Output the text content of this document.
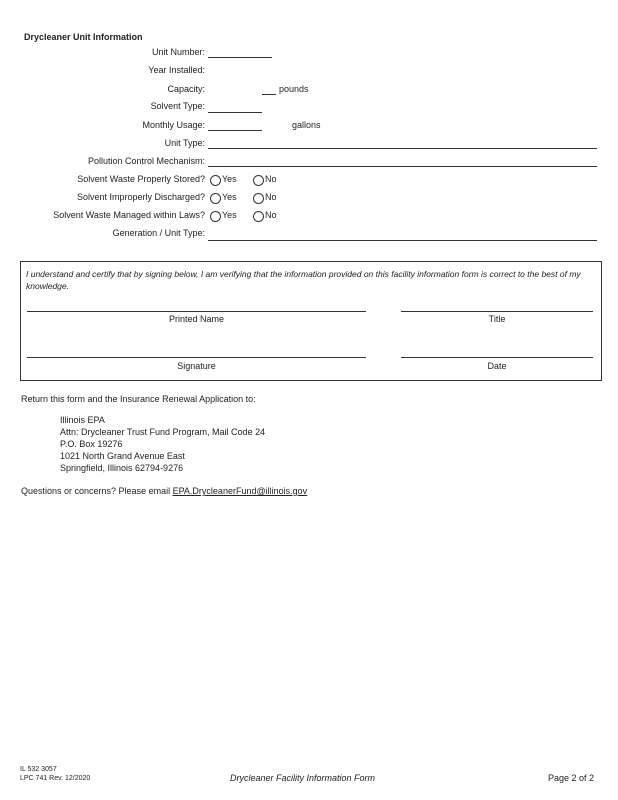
Drycleaner Unit Information
Unit Number:
Year Installed:
Capacity:	pounds
Solvent Type:
Monthly Usage:	gallons
Unit Type:
Pollution Control Mechanism:
Solvent Waste Properly Stored? Yes	No
Solvent Improperly Discharged? Yes	No
Solvent Waste Managed within Laws? Yes	No
Generation / Unit Type:
I understand and certify that by signing below, I am verifying that the information provided on this facility information form is correct to the best of my knowledge.
Printed Name	Title
Signature	Date
Return this form and the Insurance Renewal Application to:
Illinois EPA
Attn: Drycleaner Trust Fund Program, Mail Code 24
P.O. Box 19276
1021 North Grand Avenue East
Springfield, Illinois 62794-9276
Questions or concerns? Please email EPA.DrycleanerFund@illinois.gov
IL 532 3057
LPC 741 Rev. 12/2020	Drycleaner Facility Information Form	Page 2 of 2
